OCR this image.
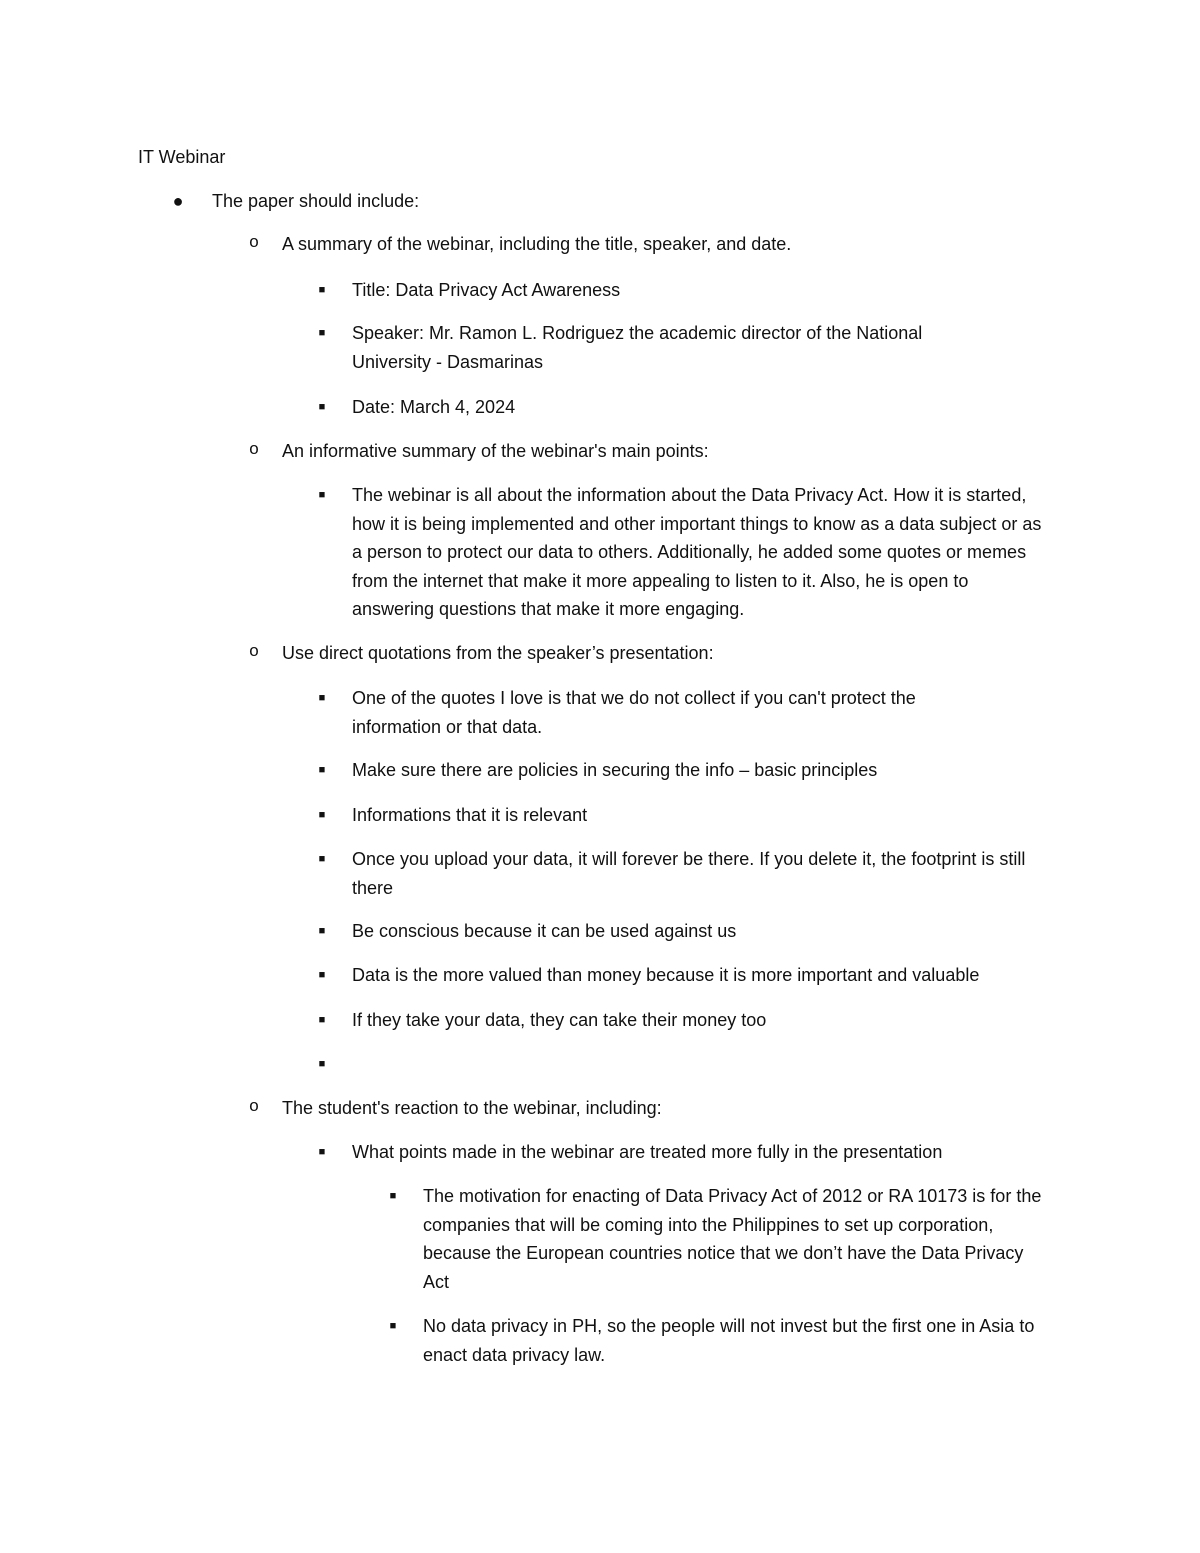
IT Webinar
● The paper should include:
o A summary of the webinar, including the title, speaker, and date.
■	Title: Data Privacy Act Awareness
■	Speaker: Mr. Ramon L. Rodriguez the academic director of the National University - Dasmarinas
■	Date: March 4, 2024
o An informative summary of the webinar's main points:
■	The webinar is all about the information about the Data Privacy Act. How it is started, how it is being implemented and other important things to know as a data subject or as a person to protect our data to others. Additionally, he added some quotes or memes from the internet that make it more appealing to listen to it. Also, he is open to answering questions that make it more engaging.
o Use direct quotations from the speaker’s presentation:
■	One of the quotes I love is that we do not collect if you can't protect the information or that data.
■	Make sure there are policies in securing the info – basic principles
■	Informations that it is relevant
■	Once you upload your data, it will forever be there. If you delete it, the footprint is still there
■	Be conscious because it can be used against us
■	Data is the more valued than money because it is more important and valuable
■	If they take your data, they can take their money too
■
o The student's reaction to the webinar, including:
■	What points made in the webinar are treated more fully in the presentation
■	The motivation for enacting of Data Privacy Act of 2012 or RA 10173 is for the companies that will be coming into the Philippines to set up corporation, because the European countries notice that we don’t have the Data Privacy Act
■	No data privacy in PH, so the people will not invest but the first one in Asia to enact data privacy law.
